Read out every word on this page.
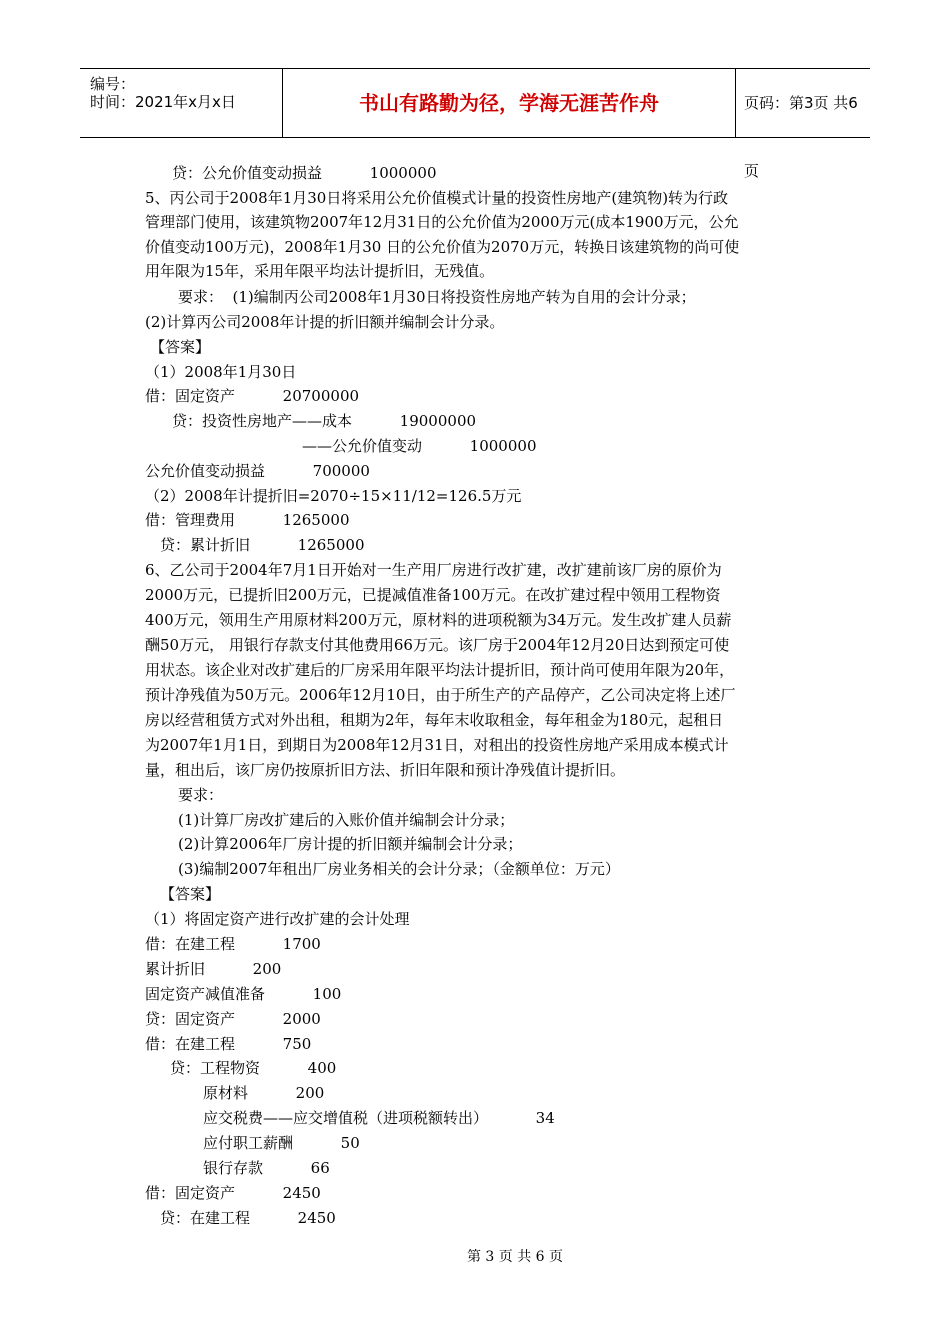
编号：
时间：2021年x月x日	书山有路勤为径，学海无涯苦作舟	页码：第3页 共6页
贷：公允价值变动损益          1000000
5、丙公司于2008年1月30日将采用公允价值模式计量的投资性房地产(建筑物)转为行政
管理部门使用，该建筑物2007年12月31日的公允价值为2000万元(成本1900万元，公允
价值变动100万元)，2008年1月30 日的公允价值为2070万元，转换日该建筑物的尚可使
用年限为15年，采用年限平均法计提折旧，无残值。
要求：  (1)编制丙公司2008年1月30日将投资性房地产转为自用的会计分录；
(2)计算丙公司2008年计提的折旧额并编制会计分录。
【答案】
（1）2008年1月30日
借：固定资产          20700000
贷：投资性房地产——成本          19000000
——公允价值变动          1000000
公允价值变动损益          700000
（2）2008年计提折旧=2070÷15×11/12=126.5万元
借：管理费用          1265000
贷：累计折旧          1265000
6、乙公司于2004年7月1日开始对一生产用厂房进行改扩建，改扩建前该厂房的原价为
2000万元，已提折旧200万元，已提减值准备100万元。在改扩建过程中领用工程物资
400万元，领用生产用原材料200万元，原材料的进项税额为34万元。发生改扩建人员薪
酬50万元， 用银行存款支付其他费用66万元。该厂房于2004年12月20日达到预定可使
用状态。该企业对改扩建后的厂房采用年限平均法计提折旧，预计尚可使用年限为20年，
预计净残值为50万元。2006年12月10日，由于所生产的产品停产，乙公司决定将上述厂
房以经营租赁方式对外出租，租期为2年，每年末收取租金，每年租金为180元，起租日
为2007年1月1日，到期日为2008年12月31日，对租出的投资性房地产采用成本模式计
量，租出后，该厂房仍按原折旧方法、折旧年限和预计净残值计提折旧。
要求：
(1)计算厂房改扩建后的入账价值并编制会计分录；
(2)计算2006年厂房计提的折旧额并编制会计分录；
(3)编制2007年租出厂房业务相关的会计分录；（金额单位：万元）
【答案】
（1）将固定资产进行改扩建的会计处理
借：在建工程          1700
累计折旧          200
固定资产减值准备          100
贷：固定资产          2000
借：在建工程          750
贷：工程物资          400
原材料          200
应交税费——应交增值税（进项税额转出）          34
应付职工薪酬          50
银行存款          66
借：固定资产          2450
贷：在建工程          2450
第 3 页 共 6 页
